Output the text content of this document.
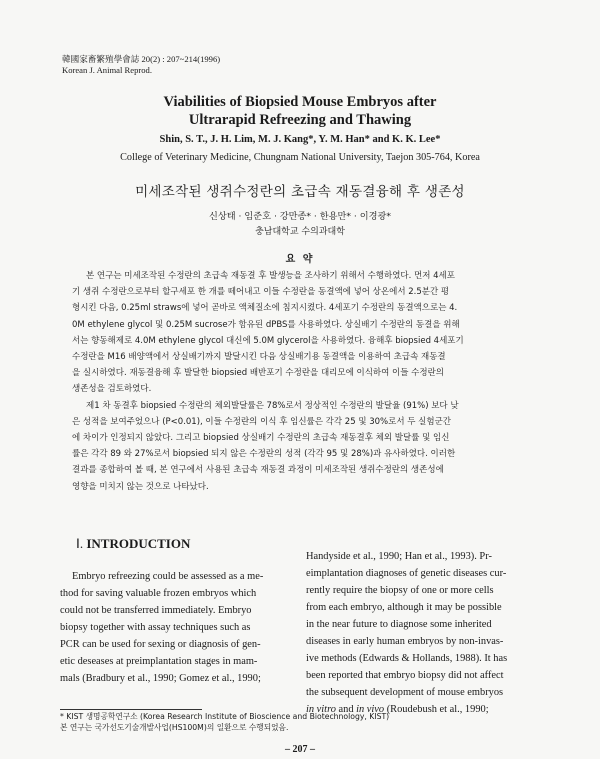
韓國家畜繁殖學會誌 20(2) : 207~214(1996)
Korean J. Animal Reprod.
Viabilities of Biopsied Mouse Embryos after
Ultrarapid Refreezing and Thawing
Shin, S. T., J. H. Lim, M. J. Kang*, Y. M. Han* and K. K. Lee*
College of Veterinary Medicine, Chungnam National University, Taejon 305-764, Korea
미세조작된 생쥐수정란의 초급속 재동결융해 후 생존성
신상태 · 임준호 · 강만종* · 한용만* · 이경광*
충남대학교 수의과대학
요 약
본 연구는 미세조작된 수정란의 초급속 재동결 후 발생능을 조사하기 위해서 수행하였다. 먼저 4세포
기 생쥐 수정란으로부터 할구세포 한 개를 떼어내고 이들 수정란을 동결액에 넣어 상온에서 2.5분간 평
형시킨 다음, 0.25ml straws에 넣어 곧바로 액체질소에 침지시켰다. 4세포기 수정란의 동결액으로는 4.
0M ethylene glycol 및 0.25M sucrose가 함유된 dPBS를 사용하였다. 상실배기 수정란의 동결을 위해
서는 향동해제로 4.0M ethylene glycol 대신에 5.0M glycerol을 사용하였다. 융해후 biopsied 4세포기
수정란을 M16 배양액에서 상실배기까지 발달시킨 다음 상실배기용 동결액을 이용하여 초급속 재동결
을 실시하였다. 재동결융해 후 발달한 biopsied 배반포기 수정란을 대리모에 이식하여 이들 수정란의
생존성을 검토하였다.
제1 차 동결후 biopsied 수정란의 체외발달률은 78%로서 정상적인 수정란의 발달율 (91%) 보다 낮
은 성적을 보여주었으나 (P<0.01), 이들 수정란의 이식 후 임신률은 각각 25 및 30%로서 두 실험군간
에 차이가 인정되지 않았다. 그리고 biopsied 상실배기 수정란의 초급속 재동결후 체외 발달률 및 임신
률은 각각 89 와 27%로서 biopsied 되지 않은 수정란의 성적 (각각 95 및 28%)과 유사하였다. 이러한
결과를 종합하여 볼 때, 본 연구에서 사용된 초급속 재동결 과정이 미세조작된 생쥐수정란의 생존성에
영향을 미치지 않는 것으로 나타났다.
Ⅰ. INTRODUCTION
Embryo refreezing could be assessed as a me-
thod for saving valuable frozen embryos which
could not be transferred immediately. Embryo
biopsy together with assay techniques such as
PCR can be used for sexing or diagnosis of gen-
etic deseases at preimplantation stages in mam-
mals (Bradbury et al., 1990; Gomez et al., 1990;
Handyside et al., 1990; Han et al., 1993). Pr-
eimplantation diagnoses of genetic diseases cur-
rently require the biopsy of one or more cells
from each embryo, although it may be possible
in the near future to diagnose some inherited
diseases in early human embryos by non-invas-
ive methods (Edwards & Hollands, 1988). It has
been reported that embryo biopsy did not affect
the subsequent development of mouse embryos
in vitro and in vivo (Roudebush et al., 1990;
* KIST 생명공학연구소 (Korea Research Institute of Bioscience and Biotechnology, KIST)
본 연구는 국가선도기술개발사업(HS100M)의 일환으로 수행되었음.
– 207 –
